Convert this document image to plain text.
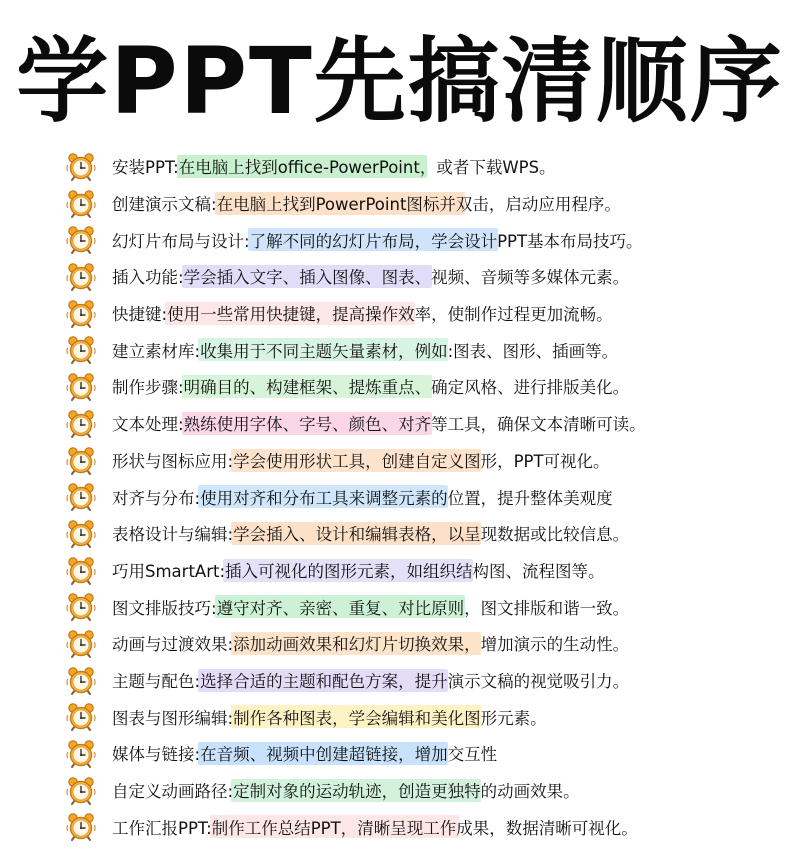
学PPT先搞清顺序
安装PPT: 在电脑上找到office-PowerPoint，或者下载WPS。
创建演示文稿: 在电脑上找到PowerPoint图标并双击，启动应用程序。
幻灯片布局与设计: 了解不同的幻灯片布局，学会设计PPT基本布局技巧。
插入功能: 学会插入文字、插入图像、图表、视频、音频等多媒体元素。
快捷键: 使用一些常用快捷键，提高操作效率，使制作过程更加流畅。
建立素材库: 收集用于不同主题矢量素材，例如:图表、图形、插画等。
制作步骤: 明确目的、构建框架、提炼重点、确定风格、进行排版美化。
文本处理: 熟练使用字体、字号、颜色、对齐等工具，确保文本清晰可读。
形状与图标应用: 学会使用形状工具，创建自定义图形，PPT可视化。
对齐与分布: 使用对齐和分布工具来调整元素的位置，提升整体美观度
表格设计与编辑: 学会插入、设计和编辑表格，以呈现数据或比较信息。
巧用SmartArt: 插入可视化的图形元素，如组织结构图、流程图等。
图文排版技巧: 遵守对齐、亲密、重复、对比原则，图文排版和谐一致。
动画与过渡效果: 添加动画效果和幻灯片切换效果，增加演示的生动性。
主题与配色: 选择合适的主题和配色方案，提升演示文稿的视觉吸引力。
图表与图形编辑: 制作各种图表，学会编辑和美化图形元素。
媒体与链接: 在音频、视频中创建超链接，增加交互性
自定义动画路径: 定制对象的运动轨迹，创造更独特的动画效果。
工作汇报PPT: 制作工作总结PPT，清晰呈现工作成果，数据清晰可视化。
